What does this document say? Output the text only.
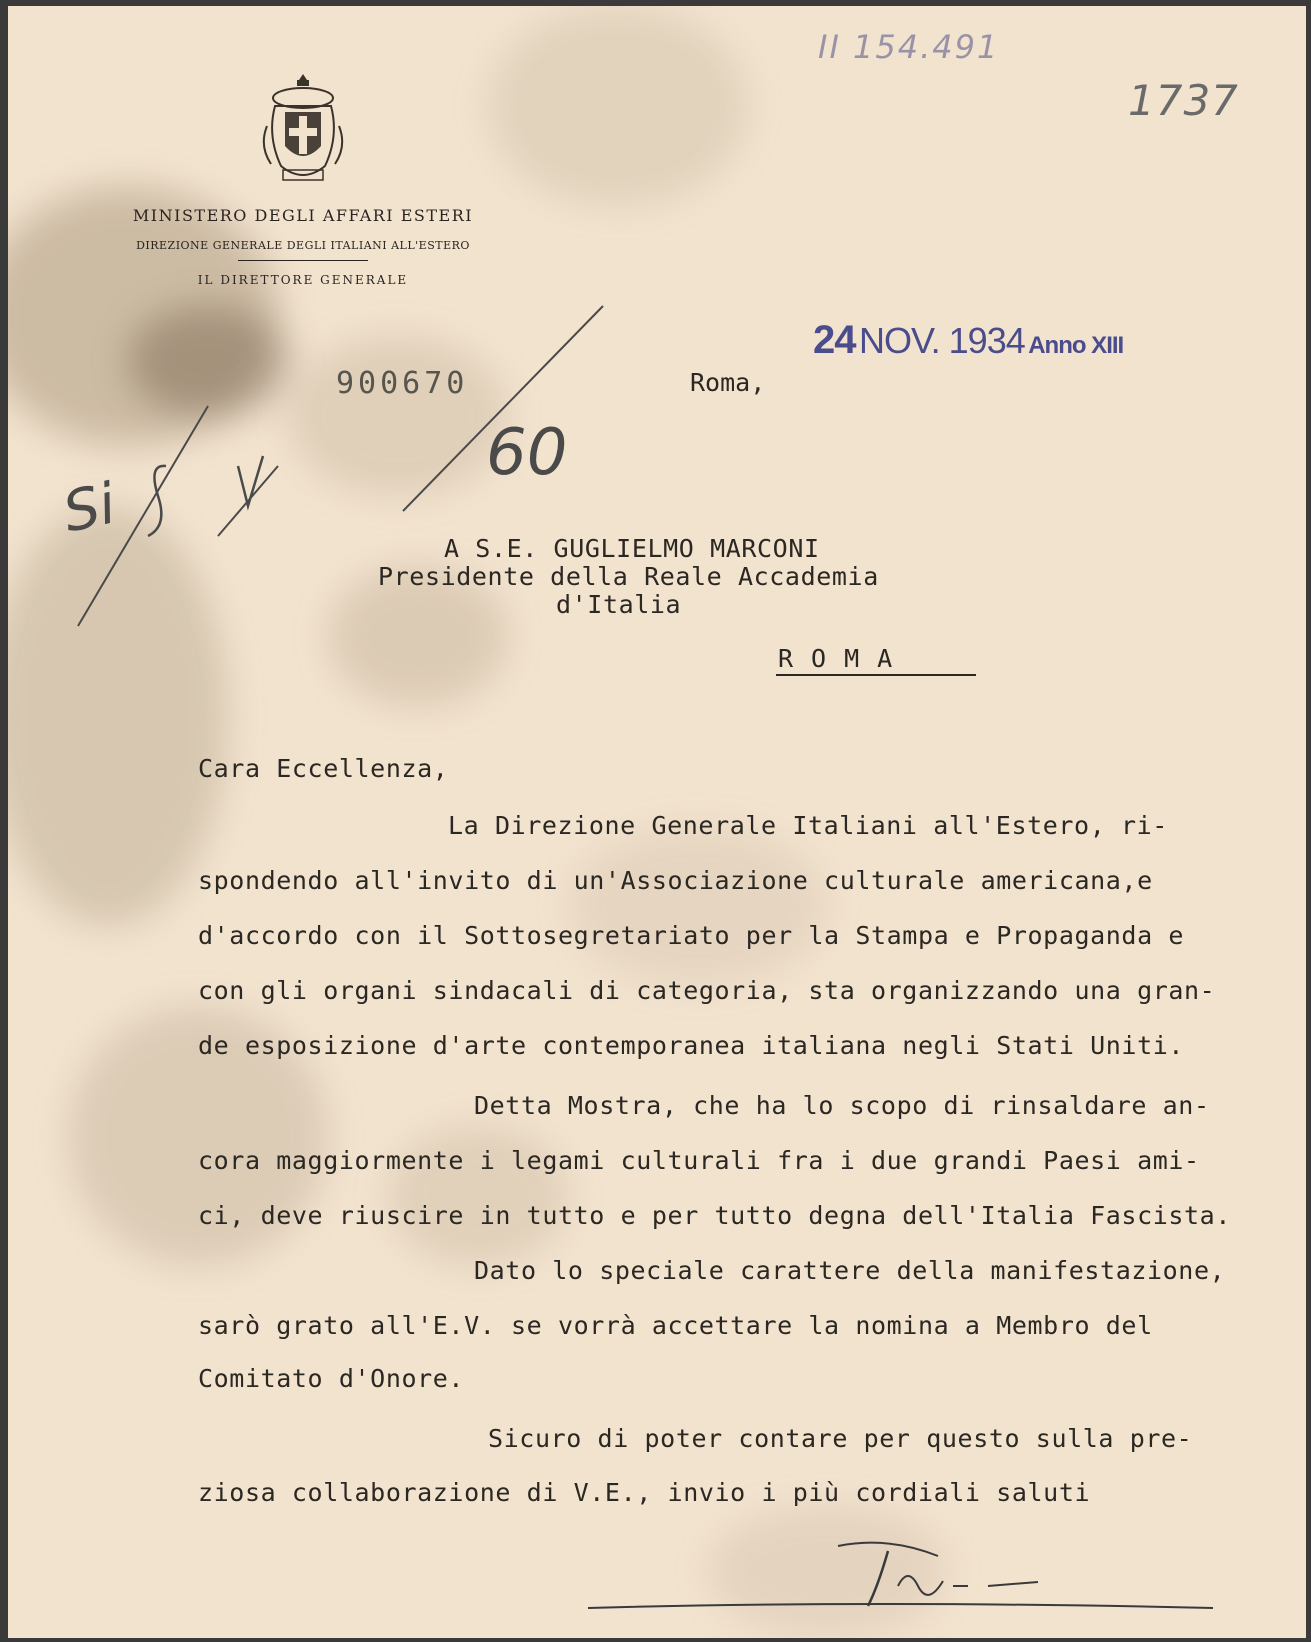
MINISTERO DEGLI AFFARI ESTERI
DIREZIONE GENERALE DEGLI ITALIANI ALL'ESTERO
IL DIRETTORE GENERALE
II 154.491
1737
24 NOV. 1934 Anno XIII
900670	Roma,
60
Si
A S.E. GUGLIELMO MARCONI
Presidente della Reale Accademia
d'Italia
ROMA
Cara Eccellenza,
La Direzione Generale Italiani all'Estero, ri-
spondendo all'invito di un'Associazione culturale americana,e
d'accordo con il Sottosegretariato per la Stampa e Propaganda e
con gli organi sindacali di categoria, sta organizzando una gran-
de esposizione d'arte contemporanea italiana negli Stati Uniti.
Detta Mostra, che ha lo scopo di rinsaldare an-
cora maggiormente i legami culturali fra i due grandi Paesi ami-
ci, deve riuscire in tutto e per tutto degna dell'Italia Fascista.
Dato lo speciale carattere della manifestazione,
sarò grato all'E.V. se vorrà accettare la nomina a Membro del
Comitato d'Onore.
Sicuro di poter contare per questo sulla pre-
ziosa collaborazione di V.E., invio i più cordiali saluti
